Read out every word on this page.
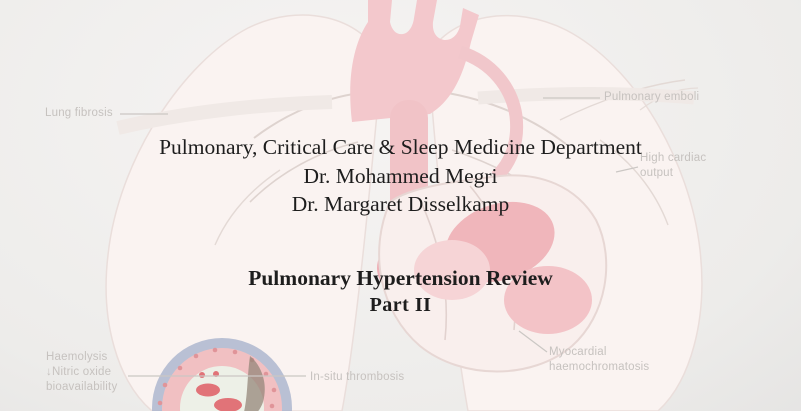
Lung fibrosis
Pulmonary emboli
High cardiac
output
Haemolysis
↓Nitric oxide
bioavailability
In-situ thrombosis
Myocardial
haemochromatosis
Pulmonary, Critical Care & Sleep Medicine Department
Dr. Mohammed Megri
Dr. Margaret Disselkamp
Pulmonary Hypertension Review
Part II
